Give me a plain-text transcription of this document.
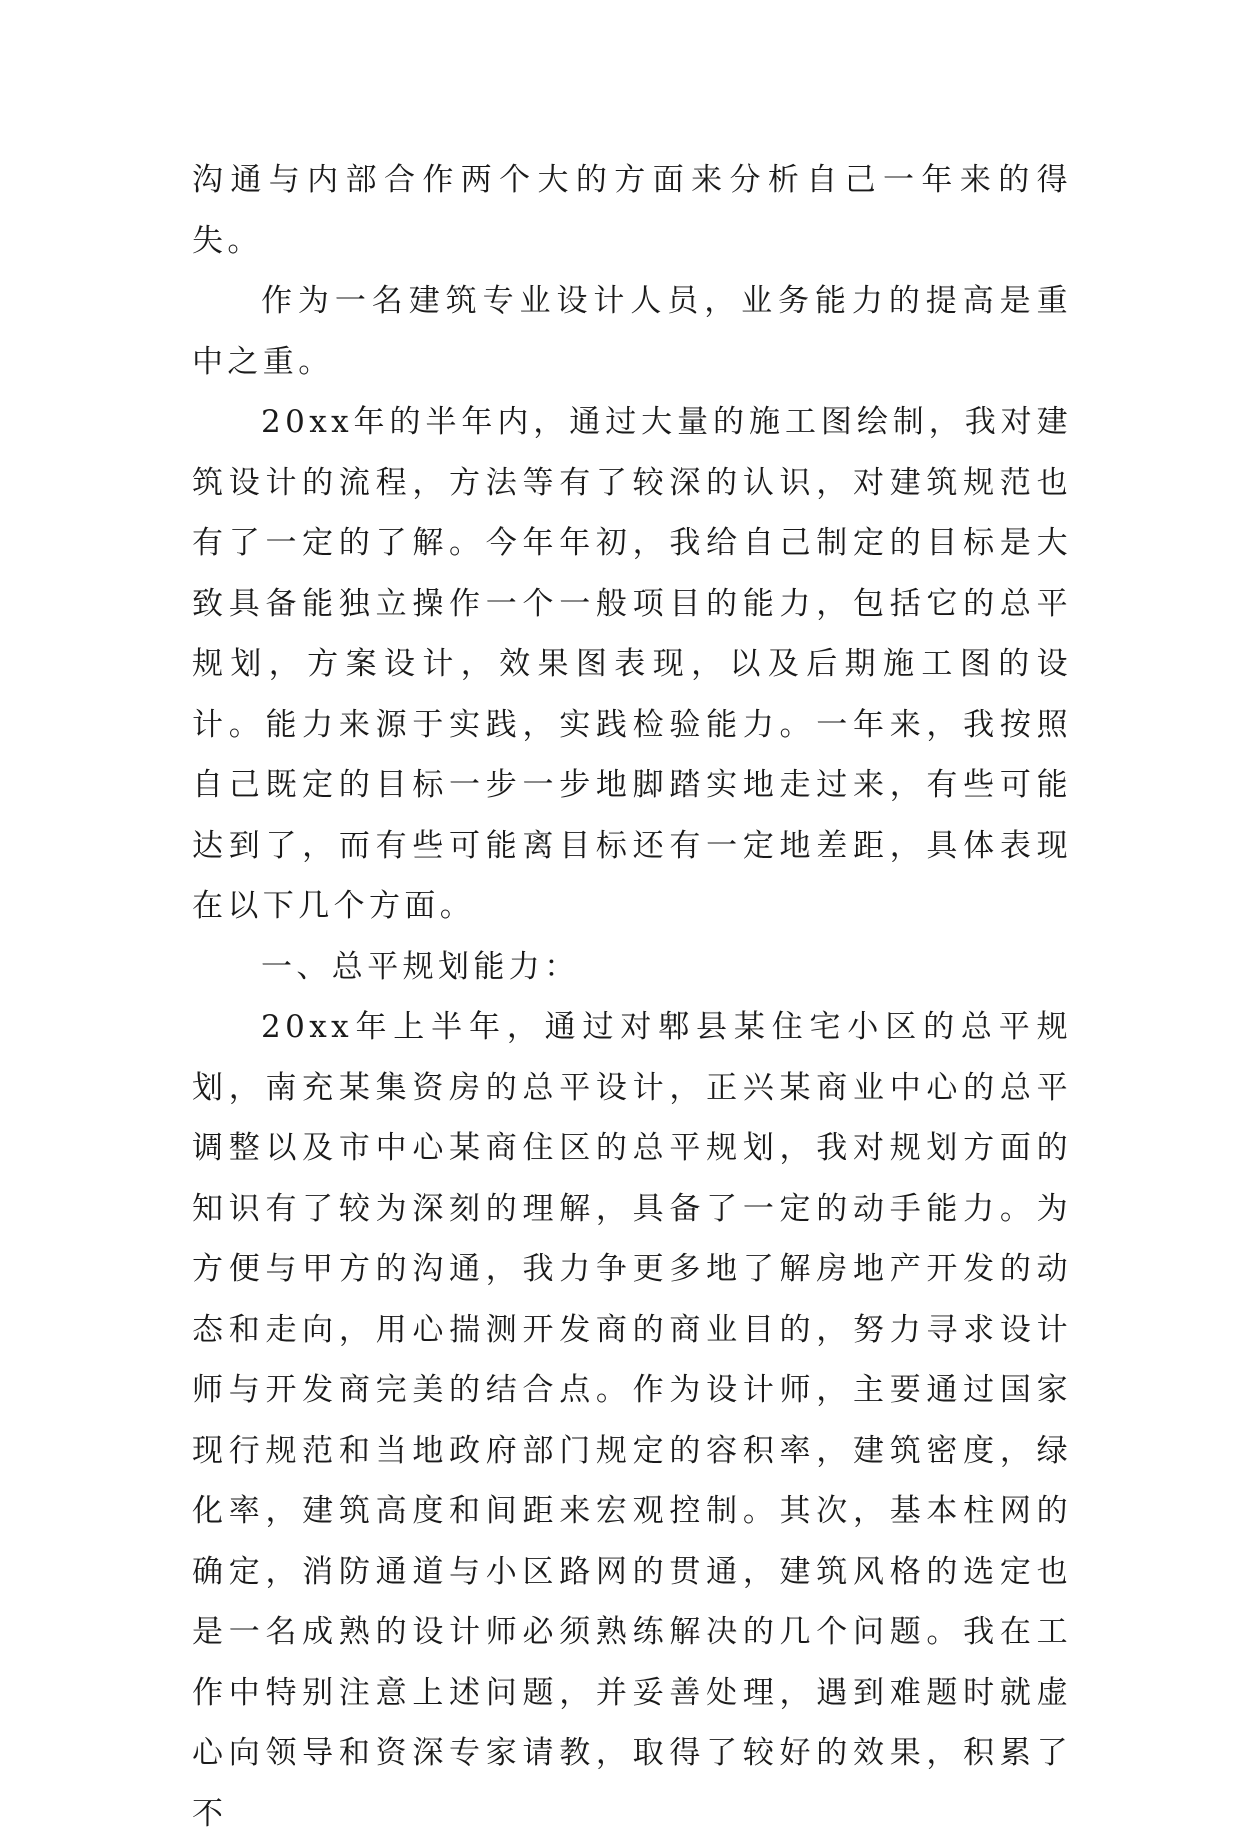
沟通与内部合作两个大的方面来分析自己一年来的得失。

作为一名建筑专业设计人员，业务能力的提高是重中之重。

20xx年的半年内，通过大量的施工图绘制，我对建筑设计的流程，方法等有了较深的认识，对建筑规范也有了一定的了解。今年年初，我给自己制定的目标是大致具备能独立操作一个一般项目的能力，包括它的总平规划，方案设计，效果图表现，以及后期施工图的设计。能力来源于实践，实践检验能力。一年来，我按照自己既定的目标一步一步地脚踏实地走过来，有些可能达到了，而有些可能离目标还有一定地差距，具体表现在以下几个方面。

一、总平规划能力：

20xx年上半年，通过对郫县某住宅小区的总平规划，南充某集资房的总平设计，正兴某商业中心的总平调整以及市中心某商住区的总平规划，我对规划方面的知识有了较为深刻的理解，具备了一定的动手能力。为方便与甲方的沟通，我力争更多地了解房地产开发的动态和走向，用心揣测开发商的商业目的，努力寻求设计师与开发商完美的结合点。作为设计师，主要通过国家现行规范和当地政府部门规定的容积率，建筑密度，绿化率，建筑高度和间距来宏观控制。其次，基本柱网的确定，消防通道与小区路网的贯通，建筑风格的选定也是一名成熟的设计师必须熟练解决的几个问题。我在工作中特别注意上述问题，并妥善处理，遇到难题时就虚心向领导和资深专家请教，取得了较好的效果，积累了不
